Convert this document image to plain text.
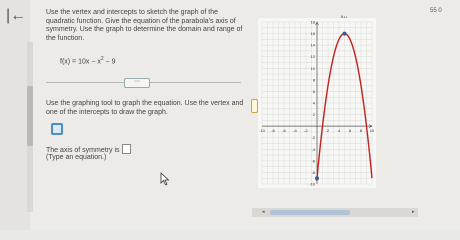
|←	55 0
Use the vertex and intercepts to sketch the graph of the quadratic function. Give the equation of the parabola's axis of symmetry. Use the graph to determine the domain and range of the function.
$f(x) = 10x - x^2 - 9$
⋯
Use the graphing tool to graph the equation. Use the vertex and one of the intercepts to draw the graph.
The axis of symmetry is
(Type an equation.)
-10 -8 -6 -4 -2	2 4 6 8 10
18
16
14
12
10
8
6
4
2
-2
-4
-6
-8
-10
◂	▸
